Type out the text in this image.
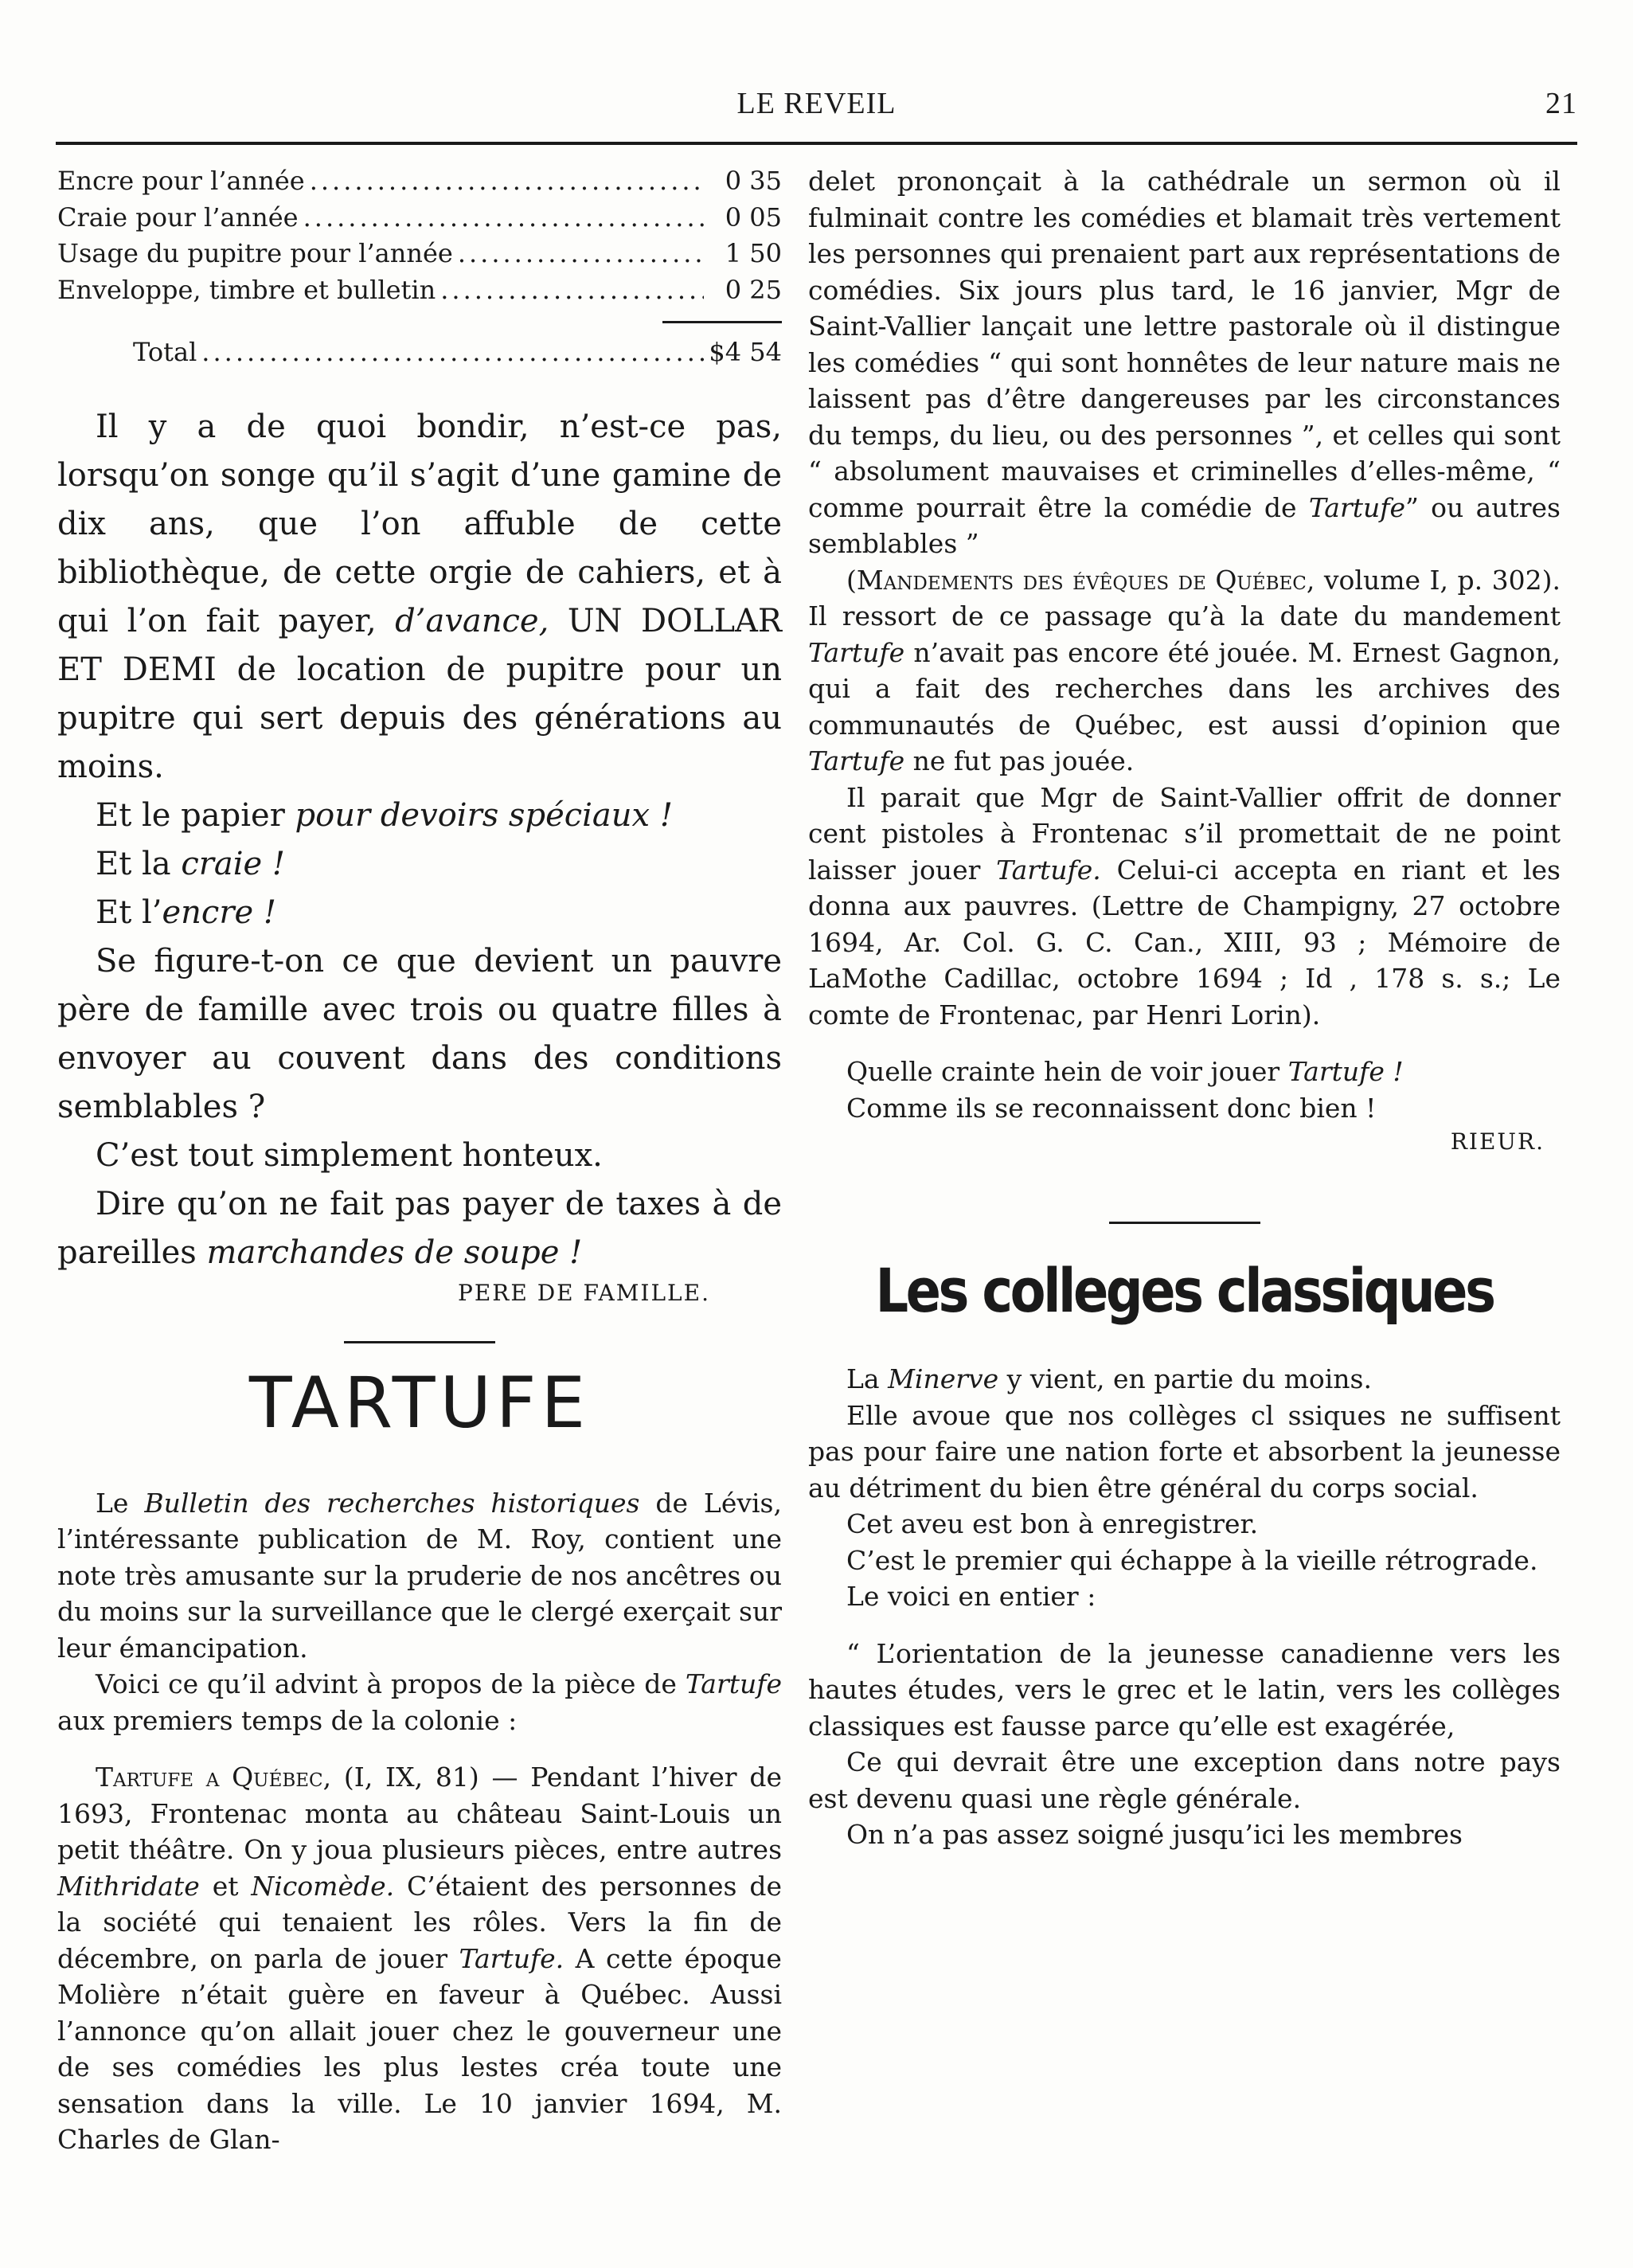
LE REVEIL	21
Encre pour l’année .....	0 35
Craie pour l’année .....	0 05
Usage du pupitre pour l’année .....	1 50
Enveloppe, timbre et bulletin .....	0 25
Total .....	$4 54

Il y a de quoi bondir, n’est-ce pas, lorsqu’on songe qu’il s’agit d’une gamine de dix ans, que l’on affuble de cette bibliothèque, de cette orgie de cahiers, et à qui l’on fait payer, d’avance, UN DOLLAR ET DEMI de location de pupitre pour un pupitre qui sert depuis des générations au moins.

Et le papier pour devoirs spéciaux !

Et la craie !

Et l’encre !

Se figure-t-on ce que devient un pauvre père de famille avec trois ou quatre filles à envoyer au couvent dans des conditions semblables ?

C’est tout simplement honteux.

Dire qu’on ne fait pas payer de taxes à de pareilles marchandes de soupe !

PERE DE FAMILLE.
TARTUFE

Le Bulletin des recherches historiques de Lévis, l’intéressante publication de M. Roy, contient une note très amusante sur la pruderie de nos ancêtres ou du moins sur la surveillance que le clergé exerçait sur leur émancipation.

Voici ce qu’il advint à propos de la pièce de Tartufe aux premiers temps de la colonie :

Tartufe a Québec, (I, IX, 81) — Pendant l’hiver de 1693, Frontenac monta au château Saint-Louis un petit théâtre. On y joua plusieurs pièces, entre autres Mithridate et Nicomède. C’étaient des personnes de la société qui tenaient les rôles. Vers la fin de décembre, on parla de jouer Tartufe. A cette époque Molière n’était guère en faveur à Québec. Aussi l’annonce qu’on allait jouer chez le gouverneur une de ses comédies les plus lestes créa toute une sensation dans la ville. Le 10 janvier 1694, M. Charles de Glan-

delet prononçait à la cathédrale un sermon où il fulminait contre les comédies et blamait très vertement les personnes qui prenaient part aux représentations de comédies. Six jours plus tard, le 16 janvier, Mgr de Saint-Vallier lançait une lettre pastorale où il distingue les comédies “ qui sont honnêtes de leur nature mais ne laissent pas d’être dangereuses par les circonstances du temps, du lieu, ou des personnes ”, et celles qui sont “ absolument mauvaises et criminelles d’elles-même, “ comme pourrait être la comédie de Tartufe” ou autres semblables ”

(Mandements des évêques de Québec, volume I, p. 302). Il ressort de ce passage qu’à la date du mandement Tartufe n’avait pas encore été jouée. M. Ernest Gagnon, qui a fait des recherches dans les archives des communautés de Québec, est aussi d’opinion que Tartufe ne fut pas jouée.

Il parait que Mgr de Saint-Vallier offrit de donner cent pistoles à Frontenac s’il promettait de ne point laisser jouer Tartufe. Celui-ci accepta en riant et les donna aux pauvres. (Lettre de Champigny, 27 octobre 1694, Ar. Col. G. C. Can., XIII, 93 ; Mémoire de LaMothe Cadillac, octobre 1694 ; Id , 178 s. s.; Le comte de Frontenac, par Henri Lorin).

Quelle crainte hein de voir jouer Tartufe !

Comme ils se reconnaissent donc bien !

RIEUR.
Les colleges classiques

La Minerve y vient, en partie du moins.

Elle avoue que nos collèges cl ssiques ne suffisent pas pour faire une nation forte et absorbent la jeunesse au détriment du bien être général du corps social.

Cet aveu est bon à enregistrer.

C’est le premier qui échappe à la vieille rétrograde.

Le voici en entier :

“ L’orientation de la jeunesse canadienne vers les hautes études, vers le grec et le latin, vers les collèges classiques est fausse parce qu’elle est exagérée,

Ce qui devrait être une exception dans notre pays est devenu quasi une règle générale.

On n’a pas assez soigné jusqu’ici les membres
